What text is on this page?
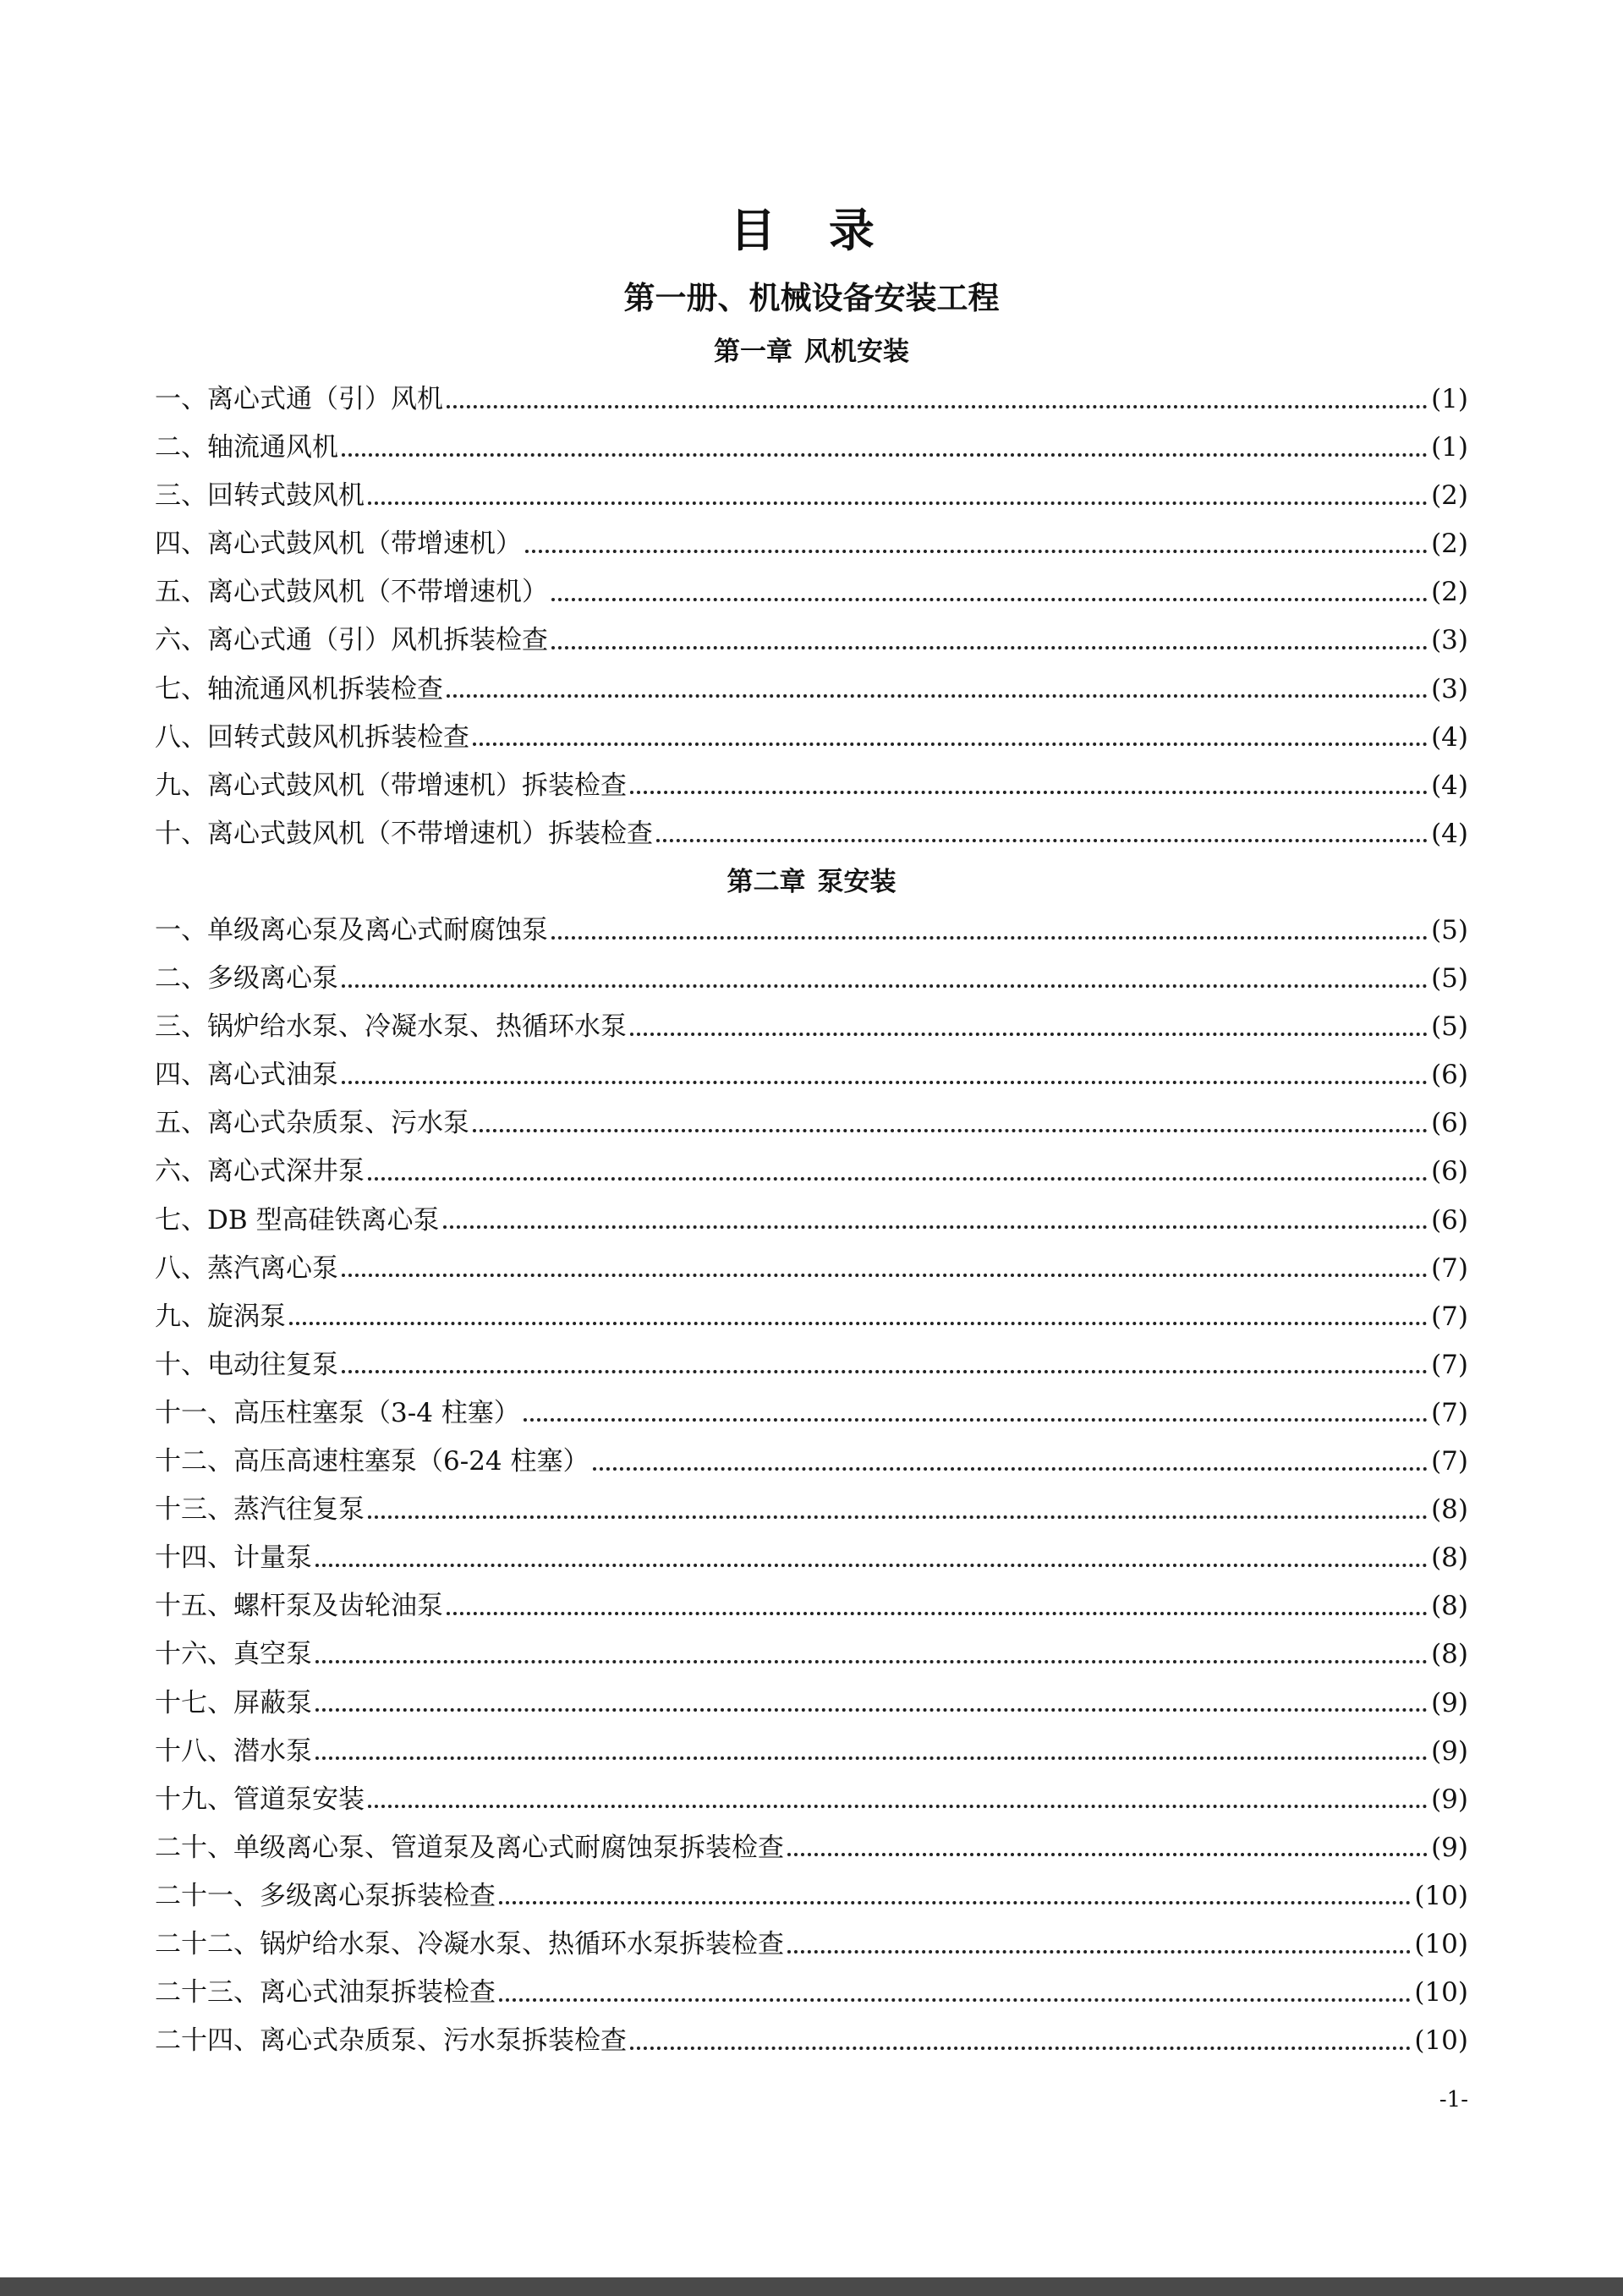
目 录
第一册、机械设备安装工程
第一章 风机安装
一、离心式通（引）风机	(1)
二、轴流通风机	(1)
三、回转式鼓风机	(2)
四、离心式鼓风机（带增速机）	(2)
五、离心式鼓风机（不带增速机）	(2)
六、离心式通（引）风机拆装检查	(3)
七、轴流通风机拆装检查	(3)
八、回转式鼓风机拆装检查	(4)
九、离心式鼓风机（带增速机）拆装检查	(4)
十、离心式鼓风机（不带增速机）拆装检查	(4)
第二章 泵安装
一、单级离心泵及离心式耐腐蚀泵	(5)
二、多级离心泵	(5)
三、锅炉给水泵、冷凝水泵、热循环水泵	(5)
四、离心式油泵	(6)
五、离心式杂质泵、污水泵	(6)
六、离心式深井泵	(6)
七、DB 型高硅铁离心泵	(6)
八、蒸汽离心泵	(7)
九、旋涡泵	(7)
十、电动往复泵	(7)
十一、高压柱塞泵（3-4 柱塞）	(7)
十二、高压高速柱塞泵（6-24 柱塞）	(7)
十三、蒸汽往复泵	(8)
十四、计量泵	(8)
十五、螺杆泵及齿轮油泵	(8)
十六、真空泵	(8)
十七、屏蔽泵	(9)
十八、潜水泵	(9)
十九、管道泵安装	(9)
二十、单级离心泵、管道泵及离心式耐腐蚀泵拆装检查	(9)
二十一、多级离心泵拆装检查	(10)
二十二、锅炉给水泵、冷凝水泵、热循环水泵拆装检查	(10)
二十三、离心式油泵拆装检查	(10)
二十四、离心式杂质泵、污水泵拆装检查	(10)
-1-
